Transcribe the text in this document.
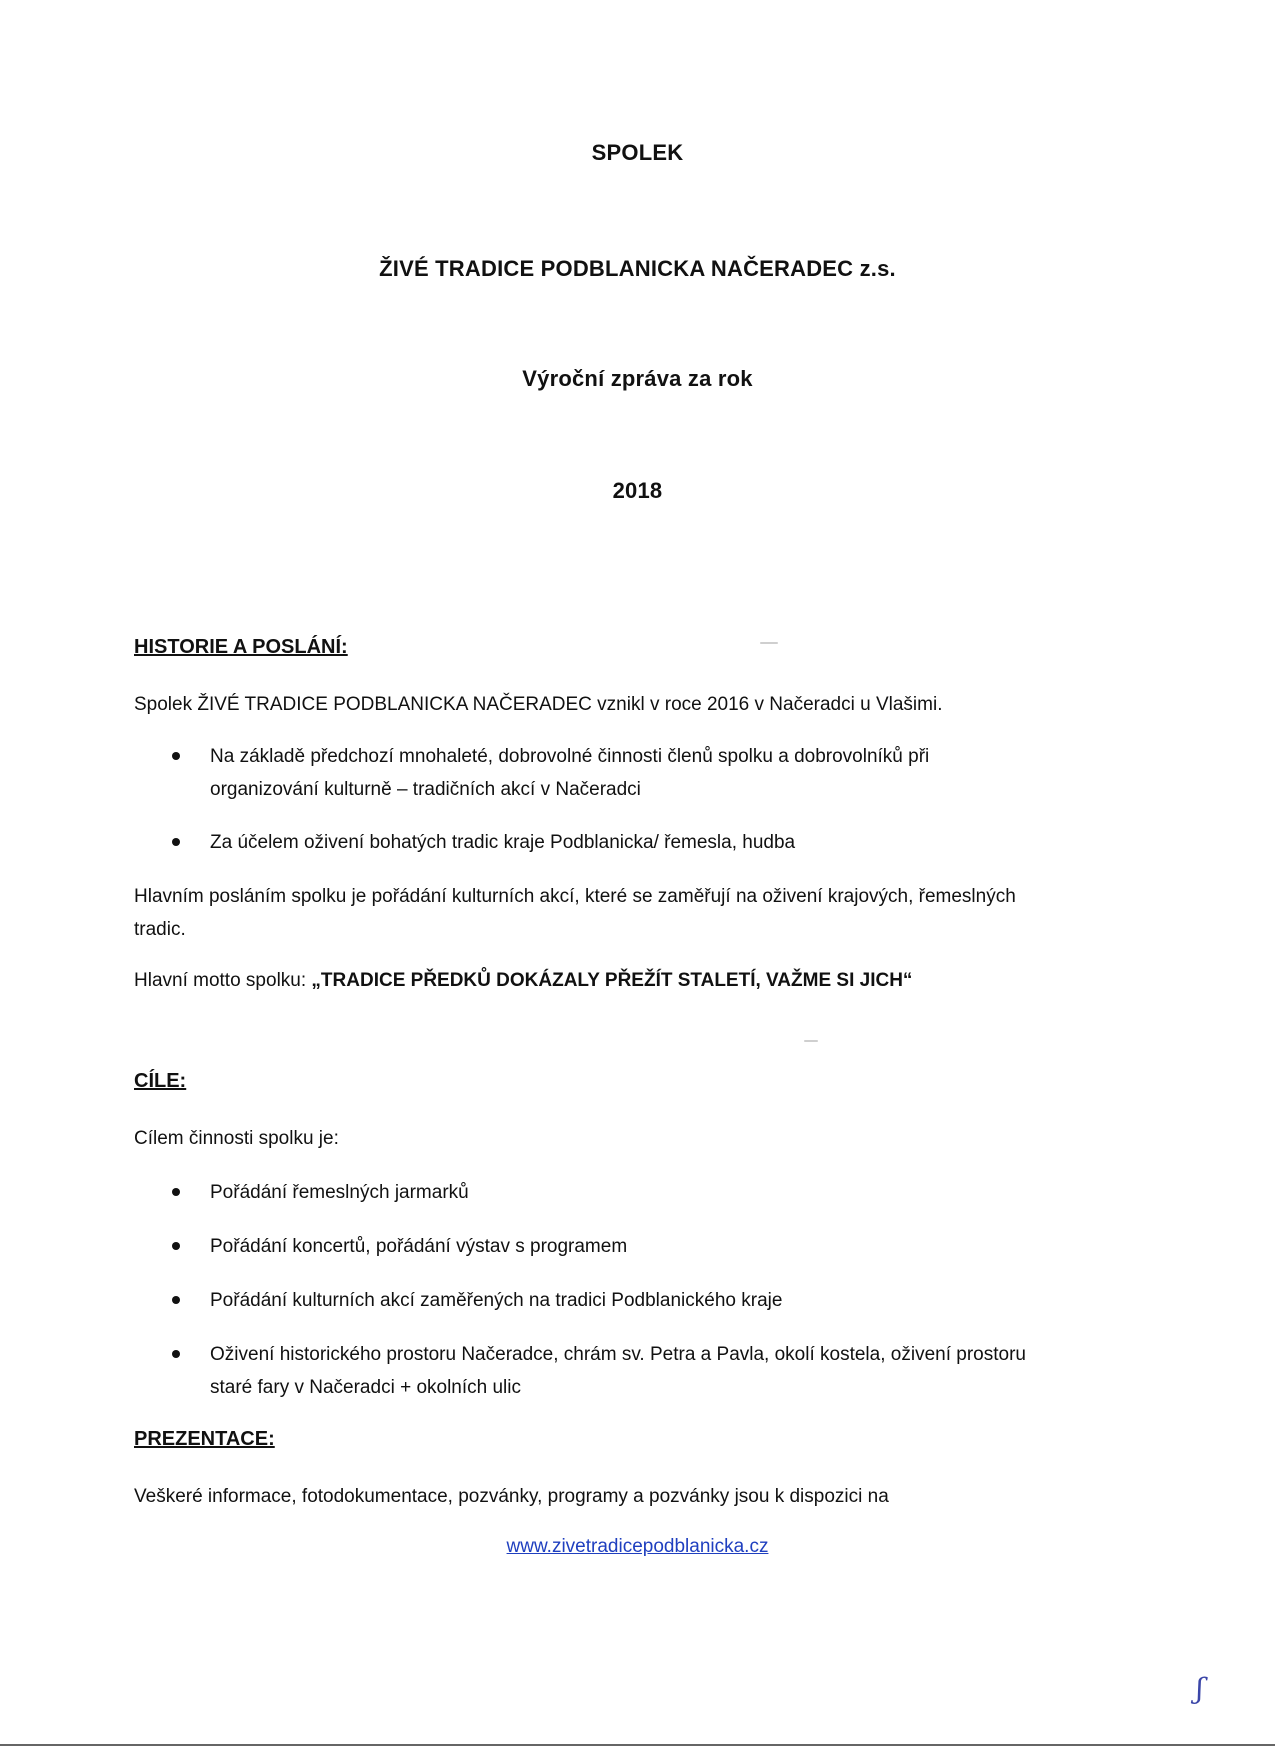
SPOLEK
ŽIVÉ TRADICE PODBLANICKA NAČERADEC z.s.
Výroční zpráva za rok
2018
HISTORIE A POSLÁNÍ:
Spolek ŽIVÉ TRADICE PODBLANICKA NAČERADEC vznikl v roce 2016 v Načeradci u Vlašimi.
Na základě předchozí mnohaleté, dobrovolné činnosti členů spolku a dobrovolníků při organizování kulturně – tradičních akcí v Načeradci
Za účelem oživení bohatých tradic kraje Podblanicka/ řemesla, hudba
Hlavním posláním spolku je pořádání kulturních akcí, které se zaměřují na oživení krajových, řemeslných tradic.
Hlavní motto spolku: „TRADICE PŘEDKŮ DOKÁZALY PŘEŽÍT STALETÍ, VAŽME SI JICH“
CÍLE:
Cílem činnosti spolku je:
Pořádání řemeslných jarmarků
Pořádání koncertů, pořádání výstav s programem
Pořádání kulturních akcí zaměřených na tradici Podblanického kraje
Oživení historického prostoru Načeradce, chrám sv. Petra a Pavla, okolí kostela, oživení prostoru staré fary v Načeradci + okolních ulic
PREZENTACE:
Veškeré informace, fotodokumentace, pozvánky, programy a pozvánky jsou k dispozici na
www.zivetradicepodblanicka.cz
ʃ
